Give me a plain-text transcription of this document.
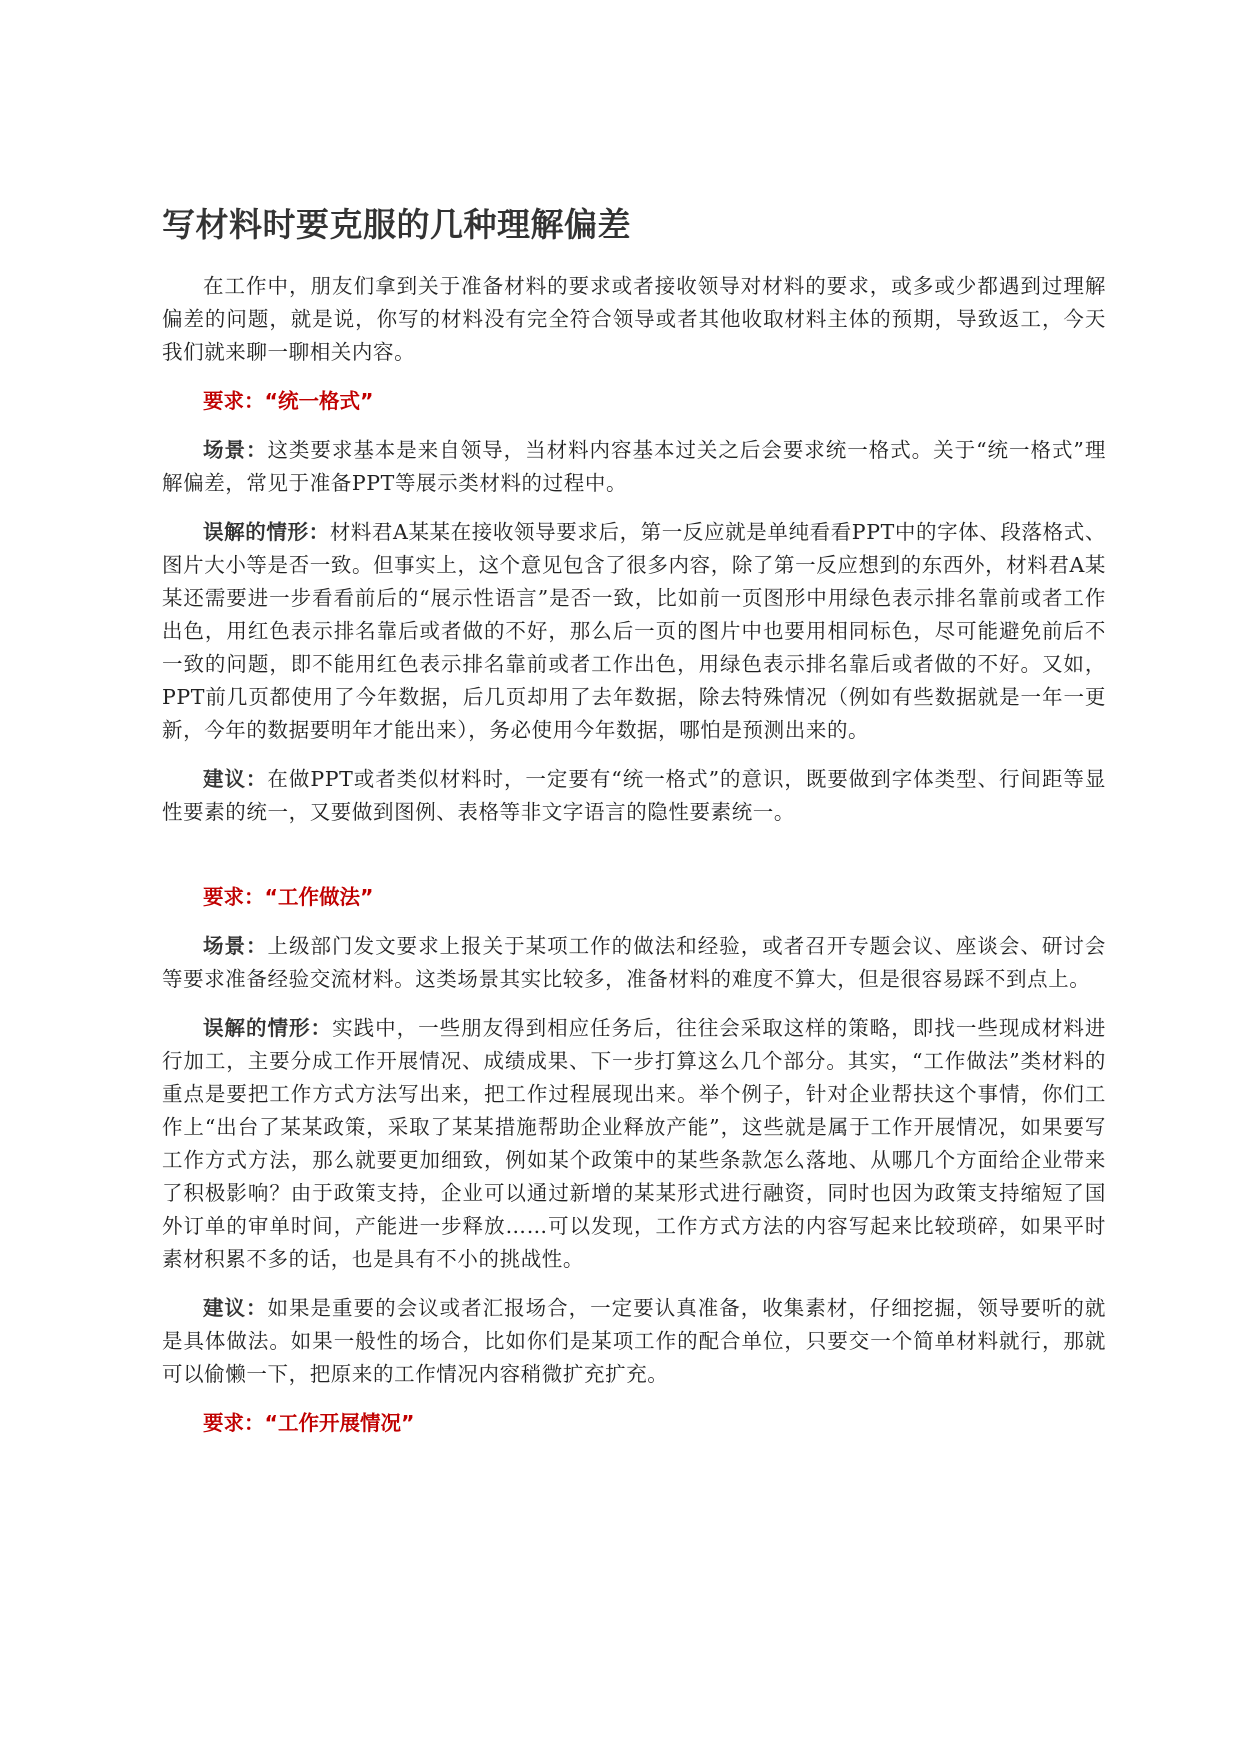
写材料时要克服的几种理解偏差

在工作中，朋友们拿到关于准备材料的要求或者接收领导对材料的要求，或多或少都遇到过理解偏差的问题，就是说，你写的材料没有完全符合领导或者其他收取材料主体的预期，导致返工，今天我们就来聊一聊相关内容。

要求：“统一格式”

场景：这类要求基本是来自领导，当材料内容基本过关之后会要求统一格式。关于“统一格式”理解偏差，常见于准备PPT等展示类材料的过程中。

误解的情形：材料君A某某在接收领导要求后，第一反应就是单纯看看PPT中的字体、段落格式、图片大小等是否一致。但事实上，这个意见包含了很多内容，除了第一反应想到的东西外，材料君A某某还需要进一步看看前后的“展示性语言”是否一致，比如前一页图形中用绿色表示排名靠前或者工作出色，用红色表示排名靠后或者做的不好，那么后一页的图片中也要用相同标色，尽可能避免前后不一致的问题，即不能用红色表示排名靠前或者工作出色，用绿色表示排名靠后或者做的不好。又如，PPT前几页都使用了今年数据，后几页却用了去年数据，除去特殊情况（例如有些数据就是一年一更新，今年的数据要明年才能出来），务必使用今年数据，哪怕是预测出来的。

建议：在做PPT或者类似材料时，一定要有“统一格式”的意识，既要做到字体类型、行间距等显性要素的统一，又要做到图例、表格等非文字语言的隐性要素统一。

要求：“工作做法”

场景：上级部门发文要求上报关于某项工作的做法和经验，或者召开专题会议、座谈会、研讨会等要求准备经验交流材料。这类场景其实比较多，准备材料的难度不算大，但是很容易踩不到点上。

误解的情形：实践中，一些朋友得到相应任务后，往往会采取这样的策略，即找一些现成材料进行加工，主要分成工作开展情况、成绩成果、下一步打算这么几个部分。其实，“工作做法”类材料的重点是要把工作方式方法写出来，把工作过程展现出来。举个例子，针对企业帮扶这个事情，你们工作上“出台了某某政策，采取了某某措施帮助企业释放产能”，这些就是属于工作开展情况，如果要写工作方式方法，那么就要更加细致，例如某个政策中的某些条款怎么落地、从哪几个方面给企业带来了积极影响？由于政策支持，企业可以通过新增的某某形式进行融资，同时也因为政策支持缩短了国外订单的审单时间，产能进一步释放……可以发现，工作方式方法的内容写起来比较琐碎，如果平时素材积累不多的话，也是具有不小的挑战性。

建议：如果是重要的会议或者汇报场合，一定要认真准备，收集素材，仔细挖掘，领导要听的就是具体做法。如果一般性的场合，比如你们是某项工作的配合单位，只要交一个简单材料就行，那就可以偷懒一下，把原来的工作情况内容稍微扩充扩充。

要求：“工作开展情况”
